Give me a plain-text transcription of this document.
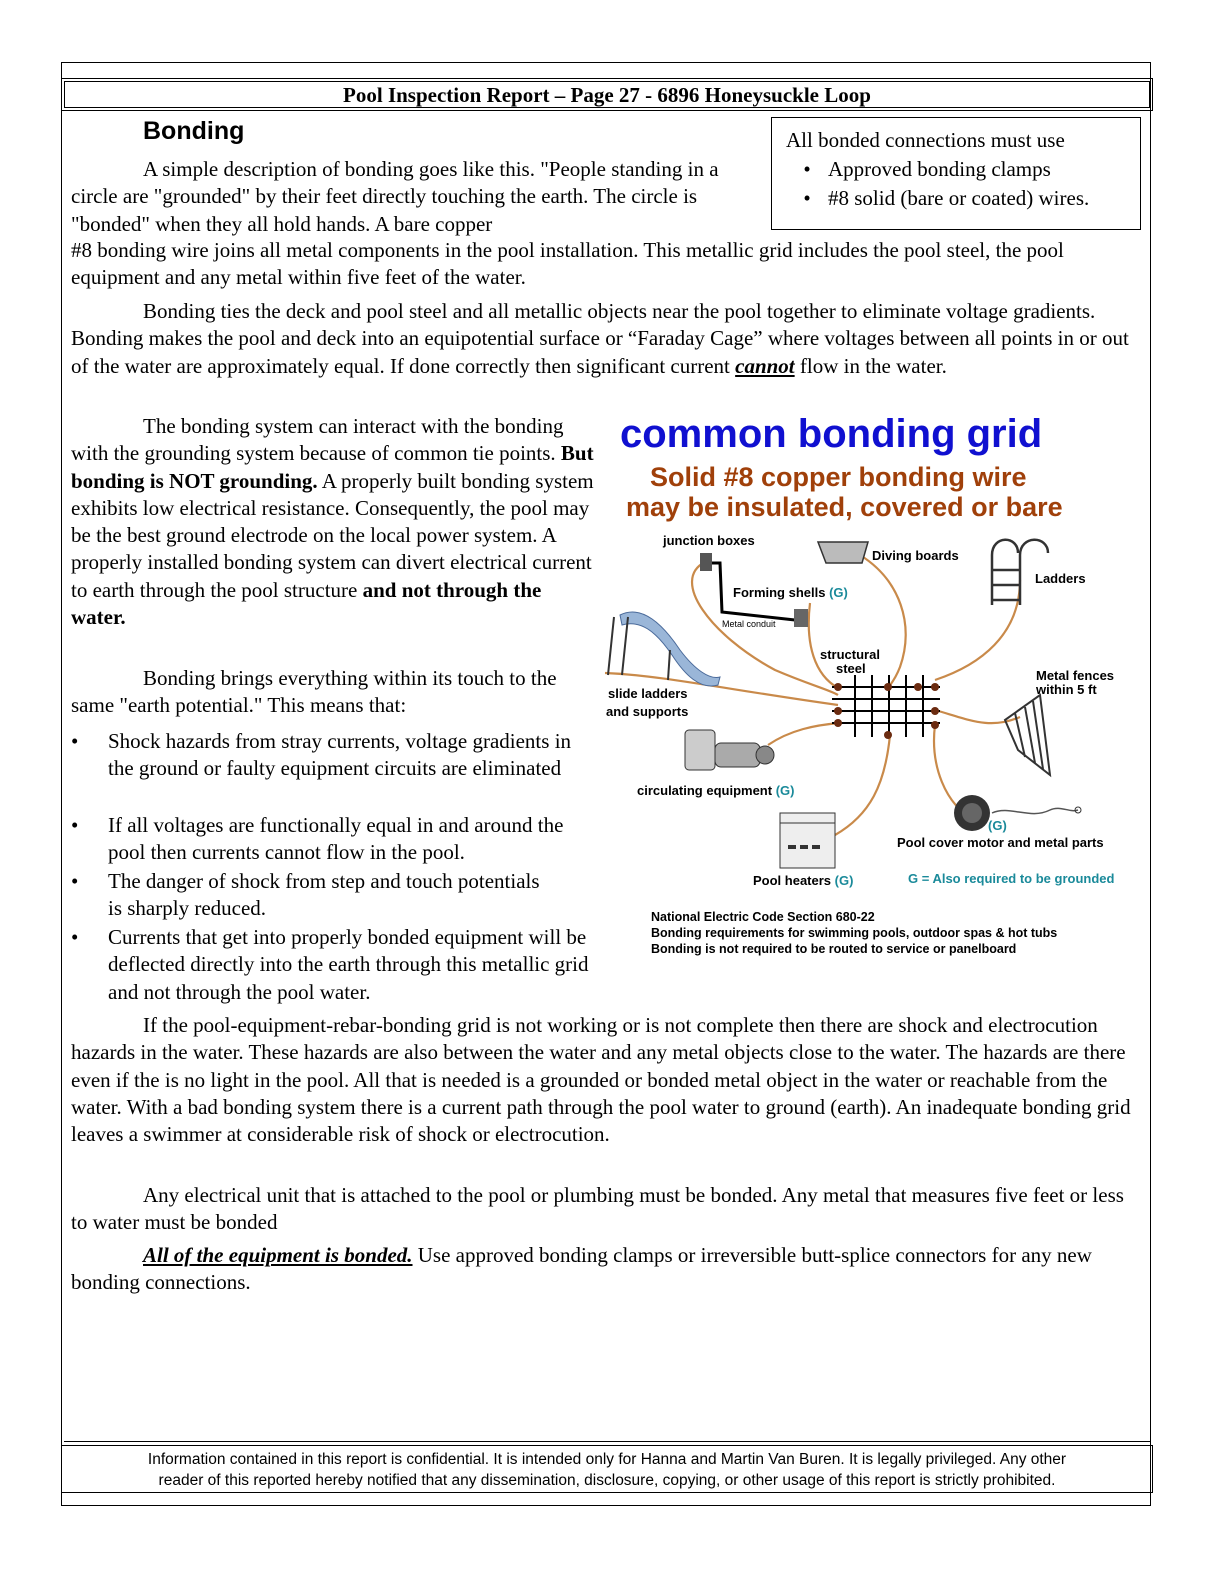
Pool Inspection Report – Page 27 - 6896 Honeysuckle Loop
Bonding	All bonded connections must use
• Approved bonding clamps
• #8 solid (bare or coated) wires.

A simple description of bonding goes like this. "People standing in a circle are "grounded" by their feet directly touching the earth. The circle is "bonded" when they all hold hands. A bare copper

#8 bonding wire joins all metal components in the pool installation. This metallic grid includes the pool steel, the pool equipment and any metal within five feet of the water.

Bonding ties the deck and pool steel and all metallic objects near the pool together to eliminate voltage gradients. Bonding makes the pool and deck into an equipotential surface or “Faraday Cage” where voltages between all points in or out of the water are approximately equal. If done correctly then significant current cannot flow in the water.

The bonding system can interact with the bonding with the grounding system because of common tie points. But bonding is NOT grounding. A properly built bonding system exhibits low electrical resistance. Consequently, the pool may be the best ground electrode on the local power system. A properly installed bonding system can divert electrical current to earth through the pool structure and not through the water.

Bonding brings everything within its touch to the same "earth potential." This means that:

•	Shock hazards from stray currents, voltage gradients in the ground or faulty equipment circuits are eliminated
•	If all voltages are functionally equal in and around the pool then currents cannot flow in the pool.
•	The danger of shock from step and touch potentials is sharply reduced.
•	Currents that get into properly bonded equipment will be deflected directly into the earth through this metallic grid and not through the pool water.
common bonding grid
Solid #8 copper bonding wire
may be insulated, covered or bare
junction boxes
Metal conduit
Forming shells (G)
Diving boards
Ladders
slide ladders
and supports
structural
steel	Metal fences
within 5 ft
circulating equipment (G)
(G)
Pool cover motor and metal parts
Pool heaters (G)	G = Also required to be grounded
National Electric Code Section 680-22
Bonding requirements for swimming pools, outdoor spas & hot tubs
Bonding is not required to be routed to service or panelboard

If the pool-equipment-rebar-bonding grid is not working or is not complete then there are shock and electrocution hazards in the water. These hazards are also between the water and any metal objects close to the water. The hazards are there even if the is no light in the pool. All that is needed is a grounded or bonded metal object in the water or reachable from the water. With a bad bonding system there is a current path through the pool water to ground (earth). An inadequate bonding grid leaves a swimmer at considerable risk of shock or electrocution.

Any electrical unit that is attached to the pool or plumbing must be bonded. Any metal that measures five feet or less to water must be bonded

All of the equipment is bonded. Use approved bonding clamps or irreversible butt-splice connectors for any new bonding connections.

Information contained in this report is confidential. It is intended only for Hanna and Martin Van Buren. It is legally privileged. Any other
reader of this reported hereby notified that any dissemination, disclosure, copying, or other usage of this report is strictly prohibited.
